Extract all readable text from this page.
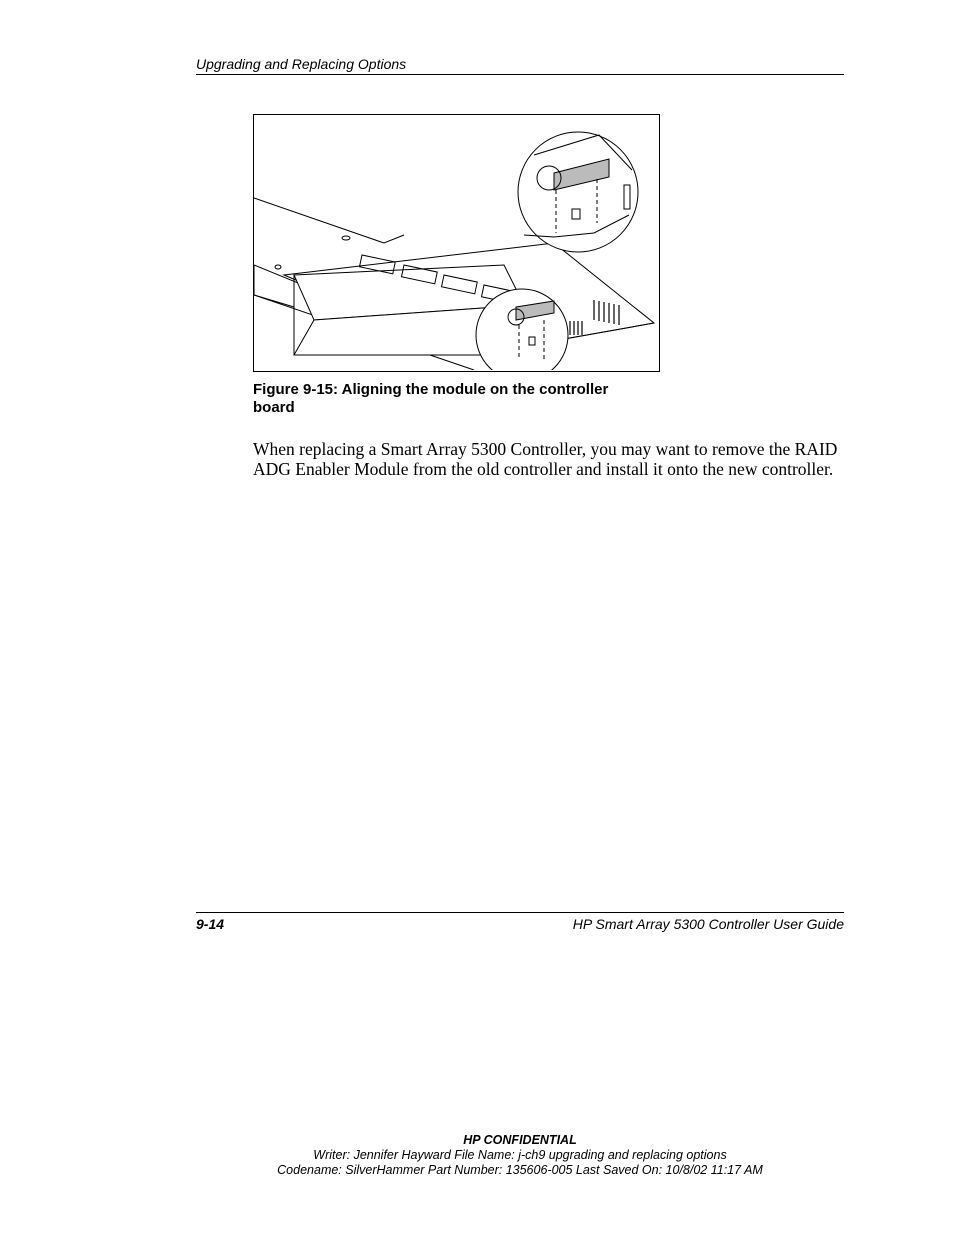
Upgrading and Replacing Options
Figure 9-15: Aligning the module on the controller board
When replacing a Smart Array 5300 Controller, you may want to remove the RAID ADG Enabler Module from the old controller and install it onto the new controller.
9-14	HP Smart Array 5300 Controller User Guide
HP CONFIDENTIAL
Writer: Jennifer Hayward File Name: j-ch9 upgrading and replacing options
Codename: SilverHammer Part Number: 135606-005 Last Saved On: 10/8/02 11:17 AM
